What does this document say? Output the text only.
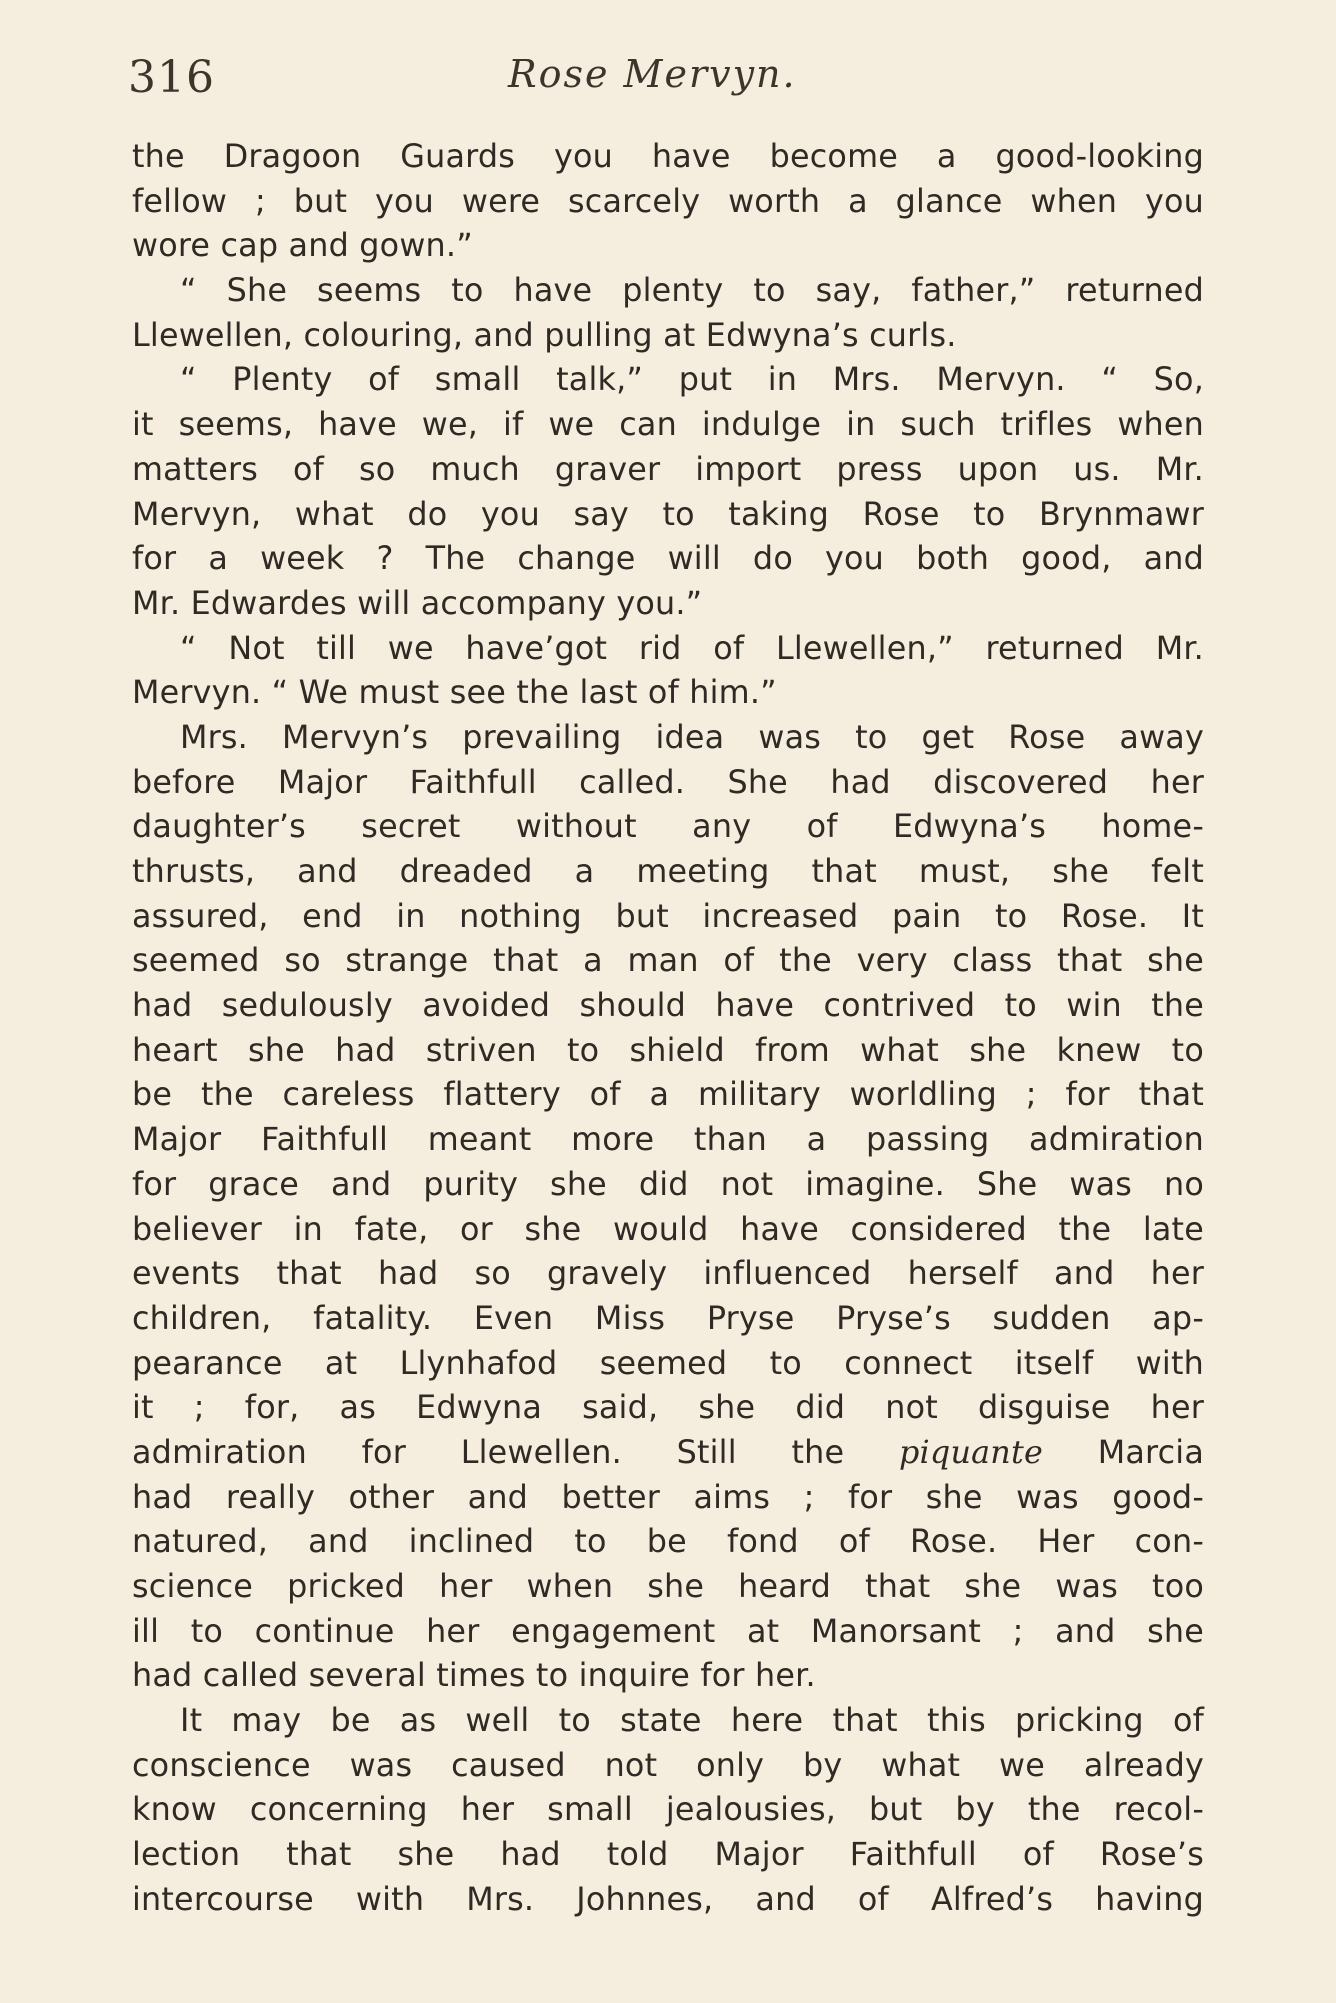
316	Rose Mervyn.
the Dragoon Guards you have become a good-looking
fellow ; but you were scarcely worth a glance when you
wore cap and gown.”
“ She seems to have plenty to say, father,” returned
Llewellen, colouring, and pulling at Edwyna’s curls.
“ Plenty of small talk,” put in Mrs. Mervyn. “ So,
it seems, have we, if we can indulge in such trifles when
matters of so much graver import press upon us. Mr.
Mervyn, what do you say to taking Rose to Brynmawr
for a week ? The change will do you both good, and
Mr. Edwardes will accompany you.”
“ Not till we have’got rid of Llewellen,” returned Mr.
Mervyn. “ We must see the last of him.”
Mrs. Mervyn’s prevailing idea was to get Rose away
before Major Faithfull called. She had discovered her
daughter’s secret without any of Edwyna’s home-
thrusts, and dreaded a meeting that must, she felt
assured, end in nothing but increased pain to Rose. It
seemed so strange that a man of the very class that she
had sedulously avoided should have contrived to win the
heart she had striven to shield from what she knew to
be the careless flattery of a military worldling ; for that
Major Faithfull meant more than a passing admiration
for grace and purity she did not imagine. She was no
believer in fate, or she would have considered the late
events that had so gravely influenced herself and her
children, fatality. Even Miss Pryse Pryse’s sudden ap-
pearance at Llynhafod seemed to connect itself with
it ; for, as Edwyna said, she did not disguise her
admiration for Llewellen. Still the piquante Marcia
had really other and better aims ; for she was good-
natured, and inclined to be fond of Rose. Her con-
science pricked her when she heard that she was too
ill to continue her engagement at Manorsant ; and she
had called several times to inquire for her.
It may be as well to state here that this pricking of
conscience was caused not only by what we already
know concerning her small jealousies, but by the recol-
lection that she had told Major Faithfull of Rose’s
intercourse with Mrs. Johnnes, and of Alfred’s having
